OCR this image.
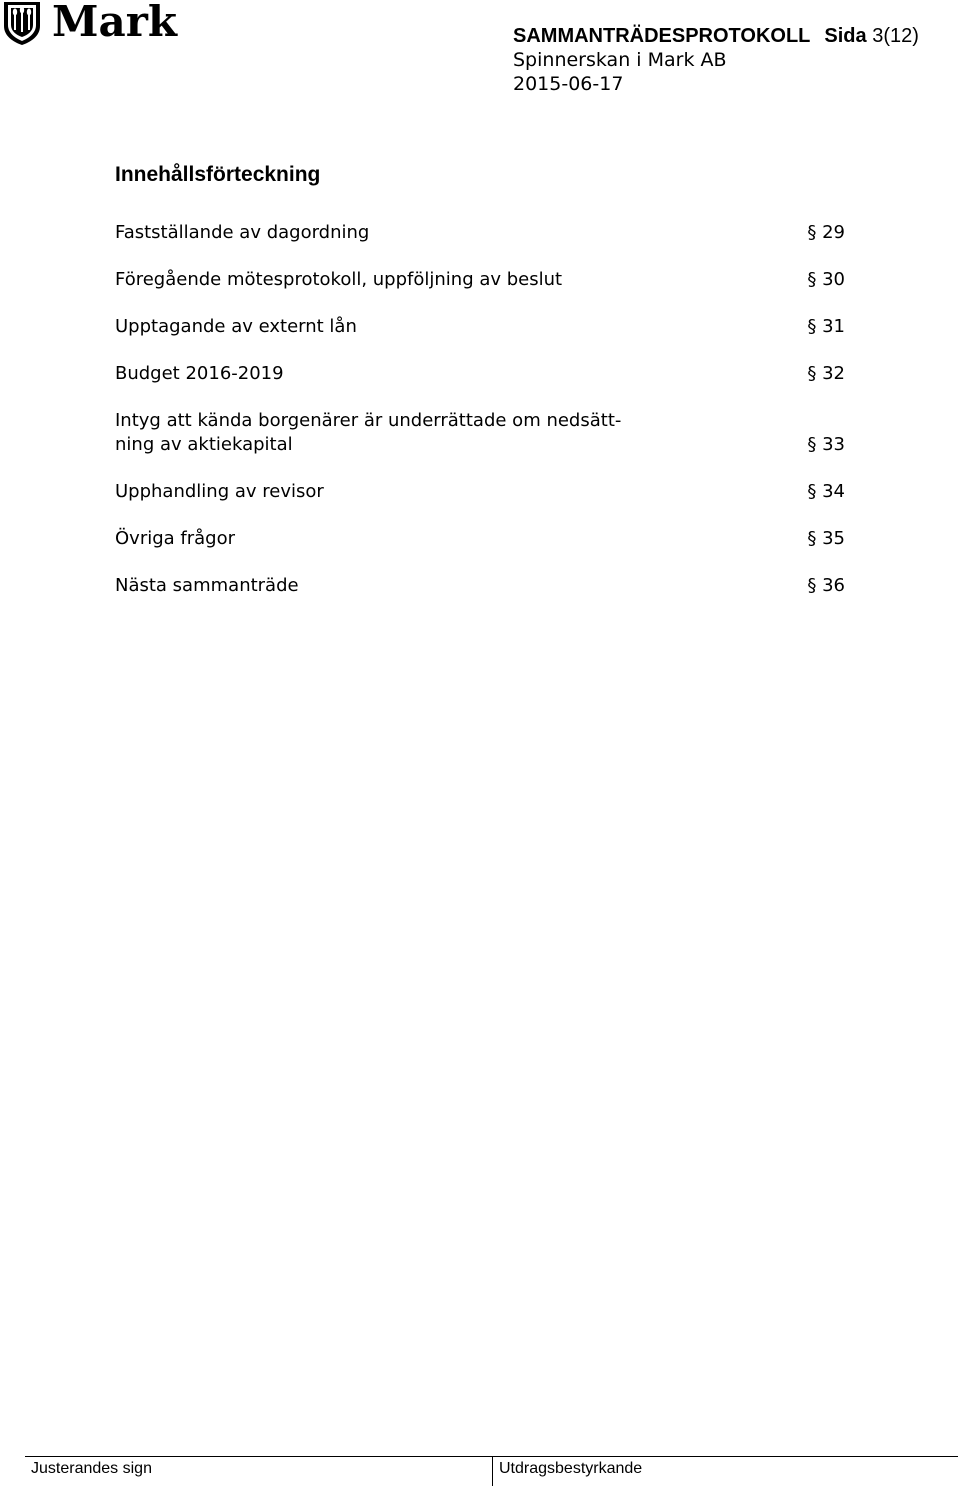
Mark	SAMMANTRÄDESPROTOKOLL Sida 3(12)
Spinnerskan i Mark AB
2015-06-17
Innehållsförteckning
Fastställande av dagordning	§ 29
Föregående mötesprotokoll, uppföljning av beslut	§ 30
Upptagande av externt lån	§ 31
Budget 2016-2019	§ 32
Intyg att kända borgenärer är underrättade om nedsätt-
ning av aktiekapital	§ 33
Upphandling av revisor	§ 34
Övriga frågor	§ 35
Nästa sammanträde	§ 36
Justerandes sign	Utdragsbestyrkande
